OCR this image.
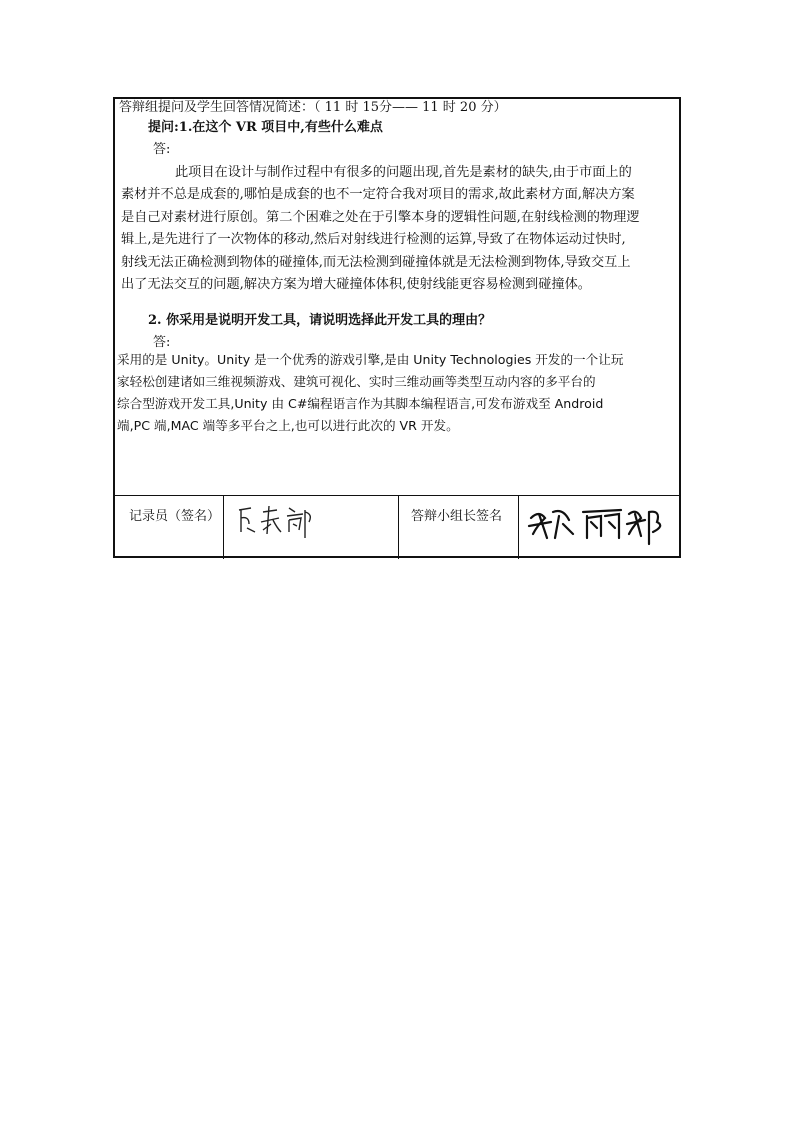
答辩组提问及学生回答情况简述：（ 11 时 15分—— 11 时 20 分）
提问:1.在这个 VR 项目中,有些什么难点
答:
此项目在设计与制作过程中有很多的问题出现,首先是素材的缺失,由于市面上的
素材并不总是成套的,哪怕是成套的也不一定符合我对项目的需求,故此素材方面,解决方案
是自己对素材进行原创。第二个困难之处在于引擎本身的逻辑性问题,在射线检测的物理逻
辑上,是先进行了一次物体的移动,然后对射线进行检测的运算,导致了在物体运动过快时,
射线无法正确检测到物体的碰撞体,而无法检测到碰撞体就是无法检测到物体,导致交互上
出了无法交互的问题,解决方案为增大碰撞体体积,使射线能更容易检测到碰撞体。
2. 你采用是说明开发工具，请说明选择此开发工具的理由？
答:
采用的是 Unity。Unity 是一个优秀的游戏引擎,是由 Unity Technologies 开发的一个让玩
家轻松创建诸如三维视频游戏、建筑可视化、实时三维动画等类型互动内容的多平台的
综合型游戏开发工具,Unity 由 C#编程语言作为其脚本编程语言,可发布游戏至 Android
端,PC 端,MAC 端等多平台之上,也可以进行此次的 VR 开发。
记录员（签名）	答辩小组长签名
